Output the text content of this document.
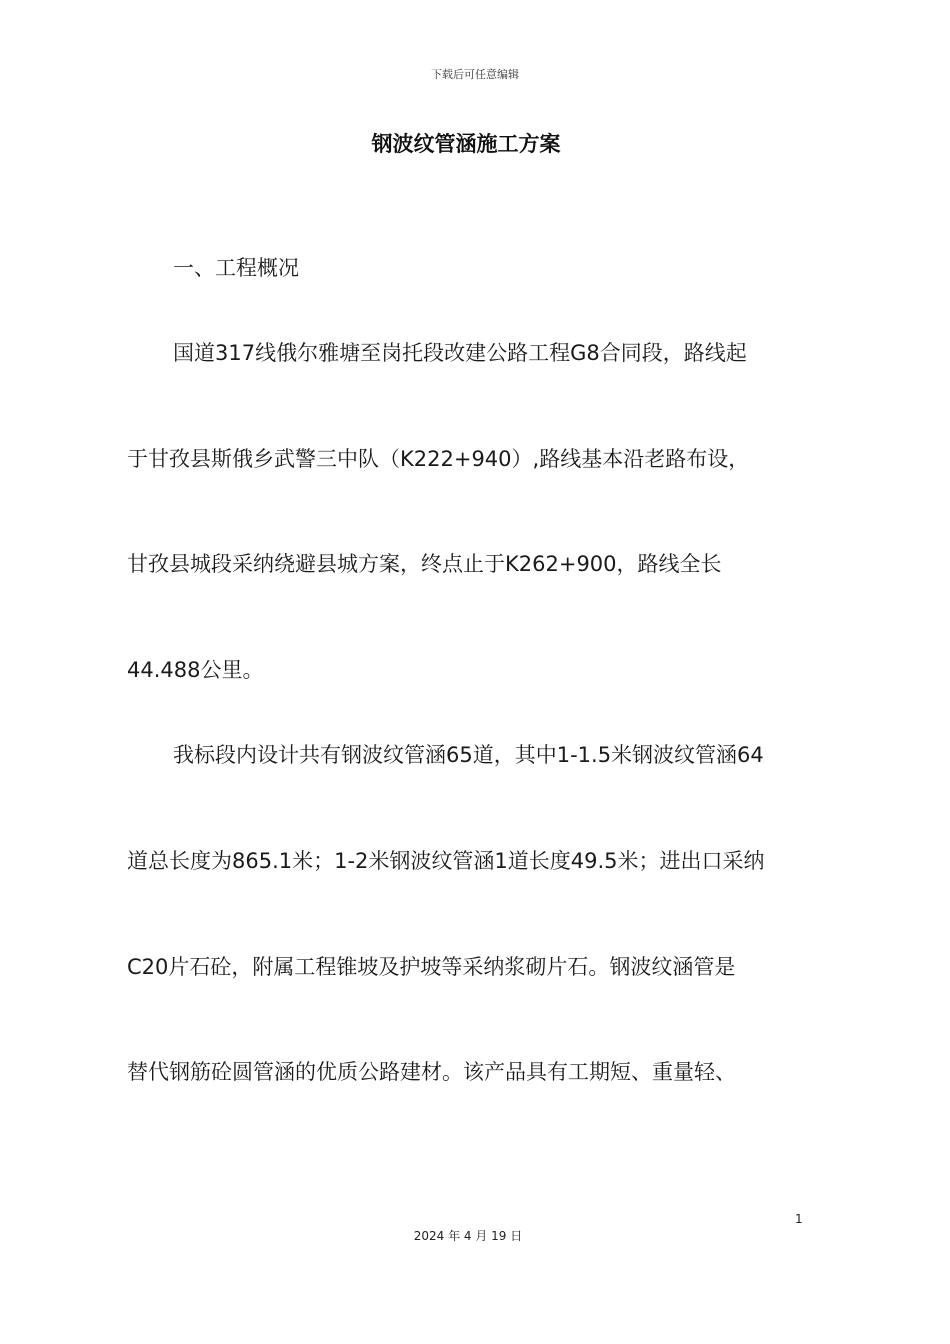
下载后可任意编辑
钢波纹管涵施工方案
一、工程概况
国道317线俄尔雅塘至岗托段改建公路工程G8合同段，路线起
于甘孜县斯俄乡武警三中队（K222+940）,路线基本沿老路布设，
甘孜县城段采纳绕避县城方案，终点止于K262+900，路线全长
44.488公里。
我标段内设计共有钢波纹管涵65道，其中1-1.5米钢波纹管涵64
道总长度为865.1米；1-2米钢波纹管涵1道长度49.5米；进出口采纳
C20片石砼，附属工程锥坡及护坡等采纳浆砌片石。钢波纹涵管是
替代钢筋砼圆管涵的优质公路建材。该产品具有工期短、重量轻、
1
2024 年 4 月 19 日
